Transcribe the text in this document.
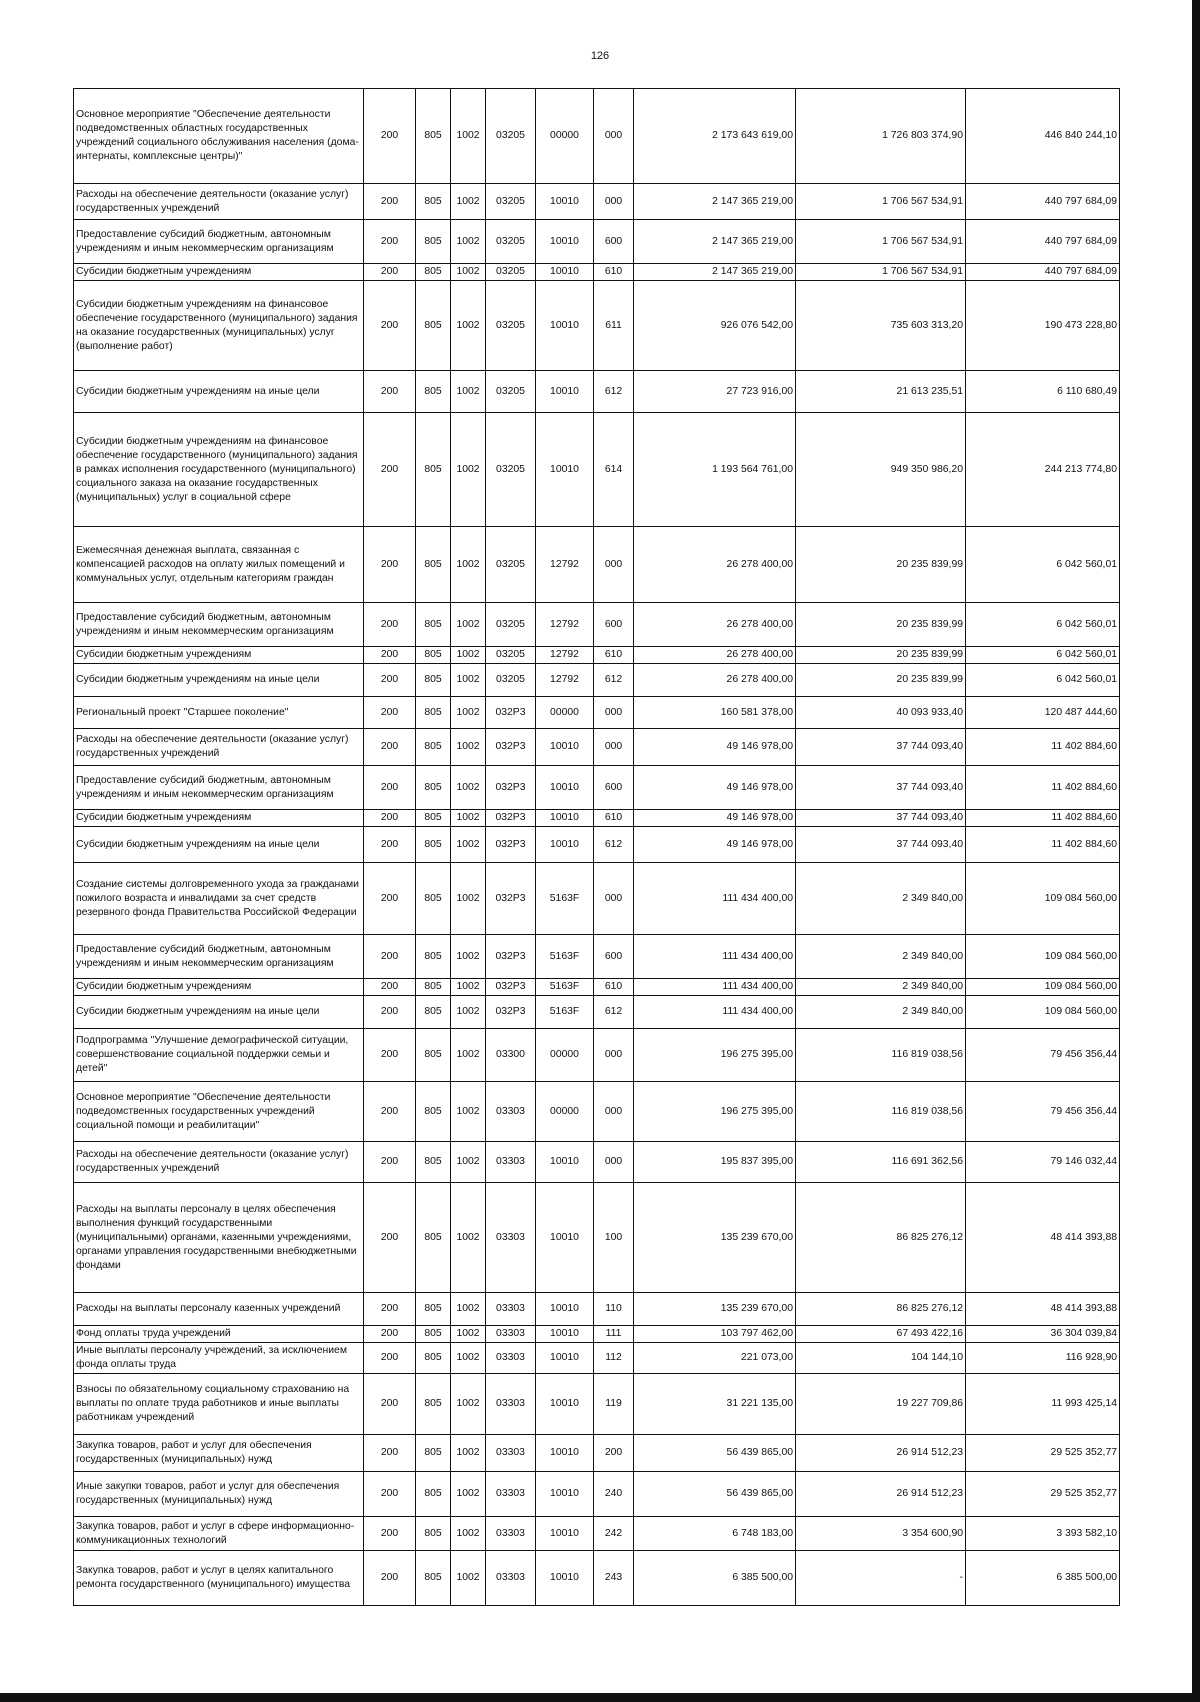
126
Основное мероприятие "Обеспечение деятельности подведомственных областных государственных учреждений социального обслуживания населения (дома-интернаты, комплексные центры)"	200	805	1002	03205	00000	000	2 173 643 619,00	1 726 803 374,90	446 840 244,10
Расходы на обеспечение деятельности (оказание услуг) государственных учреждений	200	805	1002	03205	10010	000	2 147 365 219,00	1 706 567 534,91	440 797 684,09
Предоставление субсидий бюджетным, автономным учреждениям и иным некоммерческим организациям	200	805	1002	03205	10010	600	2 147 365 219,00	1 706 567 534,91	440 797 684,09
Субсидии бюджетным учреждениям	200	805	1002	03205	10010	610	2 147 365 219,00	1 706 567 534,91	440 797 684,09
Субсидии бюджетным учреждениям на финансовое обеспечение государственного (муниципального) задания на оказание государственных (муниципальных) услуг (выполнение работ)	200	805	1002	03205	10010	611	926 076 542,00	735 603 313,20	190 473 228,80
Субсидии бюджетным учреждениям на иные цели	200	805	1002	03205	10010	612	27 723 916,00	21 613 235,51	6 110 680,49
Субсидии бюджетным учреждениям на финансовое обеспечение государственного (муниципального) задания в рамках исполнения государственного (муниципального) социального заказа на оказание государственных (муниципальных) услуг в социальной сфере	200	805	1002	03205	10010	614	1 193 564 761,00	949 350 986,20	244 213 774,80
Ежемесячная денежная выплата, связанная с компенсацией расходов на оплату жилых помещений и коммунальных услуг, отдельным категориям граждан	200	805	1002	03205	12792	000	26 278 400,00	20 235 839,99	6 042 560,01
Предоставление субсидий бюджетным, автономным учреждениям и иным некоммерческим организациям	200	805	1002	03205	12792	600	26 278 400,00	20 235 839,99	6 042 560,01
Субсидии бюджетным учреждениям	200	805	1002	03205	12792	610	26 278 400,00	20 235 839,99	6 042 560,01
Субсидии бюджетным учреждениям на иные цели	200	805	1002	03205	12792	612	26 278 400,00	20 235 839,99	6 042 560,01
Региональный проект "Старшее поколение"	200	805	1002	032P3	00000	000	160 581 378,00	40 093 933,40	120 487 444,60
Расходы на обеспечение деятельности (оказание услуг) государственных учреждений	200	805	1002	032P3	10010	000	49 146 978,00	37 744 093,40	11 402 884,60
Предоставление субсидий бюджетным, автономным учреждениям и иным некоммерческим организациям	200	805	1002	032P3	10010	600	49 146 978,00	37 744 093,40	11 402 884,60
Субсидии бюджетным учреждениям	200	805	1002	032P3	10010	610	49 146 978,00	37 744 093,40	11 402 884,60
Субсидии бюджетным учреждениям на иные цели	200	805	1002	032P3	10010	612	49 146 978,00	37 744 093,40	11 402 884,60
Создание системы долговременного ухода за гражданами пожилого возраста и инвалидами за счет средств резервного фонда Правительства Российской Федерации	200	805	1002	032P3	5163F	000	111 434 400,00	2 349 840,00	109 084 560,00
Предоставление субсидий бюджетным, автономным учреждениям и иным некоммерческим организациям	200	805	1002	032P3	5163F	600	111 434 400,00	2 349 840,00	109 084 560,00
Субсидии бюджетным учреждениям	200	805	1002	032P3	5163F	610	111 434 400,00	2 349 840,00	109 084 560,00
Субсидии бюджетным учреждениям на иные цели	200	805	1002	032P3	5163F	612	111 434 400,00	2 349 840,00	109 084 560,00
Подпрограмма "Улучшение демографической ситуации, совершенствование социальной поддержки семьи и детей"	200	805	1002	03300	00000	000	196 275 395,00	116 819 038,56	79 456 356,44
Основное мероприятие "Обеспечение деятельности подведомственных государственных учреждений социальной помощи и реабилитации"	200	805	1002	03303	00000	000	196 275 395,00	116 819 038,56	79 456 356,44
Расходы на обеспечение деятельности (оказание услуг) государственных учреждений	200	805	1002	03303	10010	000	195 837 395,00	116 691 362,56	79 146 032,44
Расходы на выплаты персоналу в целях обеспечения выполнения функций государственными (муниципальными) органами, казенными учреждениями, органами управления государственными внебюджетными фондами	200	805	1002	03303	10010	100	135 239 670,00	86 825 276,12	48 414 393,88
Расходы на выплаты персоналу казенных учреждений	200	805	1002	03303	10010	110	135 239 670,00	86 825 276,12	48 414 393,88
Фонд оплаты труда учреждений	200	805	1002	03303	10010	111	103 797 462,00	67 493 422,16	36 304 039,84
Иные выплаты персоналу учреждений, за исключением фонда оплаты труда	200	805	1002	03303	10010	112	221 073,00	104 144,10	116 928,90
Взносы по обязательному социальному страхованию на выплаты по оплате труда работников и иные выплаты работникам учреждений	200	805	1002	03303	10010	119	31 221 135,00	19 227 709,86	11 993 425,14
Закупка товаров, работ и услуг для обеспечения государственных (муниципальных) нужд	200	805	1002	03303	10010	200	56 439 865,00	26 914 512,23	29 525 352,77
Иные закупки товаров, работ и услуг для обеспечения государственных (муниципальных) нужд	200	805	1002	03303	10010	240	56 439 865,00	26 914 512,23	29 525 352,77
Закупка товаров, работ и услуг в сфере информационно-коммуникационных технологий	200	805	1002	03303	10010	242	6 748 183,00	3 354 600,90	3 393 582,10
Закупка товаров, работ и услуг в целях капитального ремонта государственного (муниципального) имущества	200	805	1002	03303	10010	243	6 385 500,00	-	6 385 500,00
